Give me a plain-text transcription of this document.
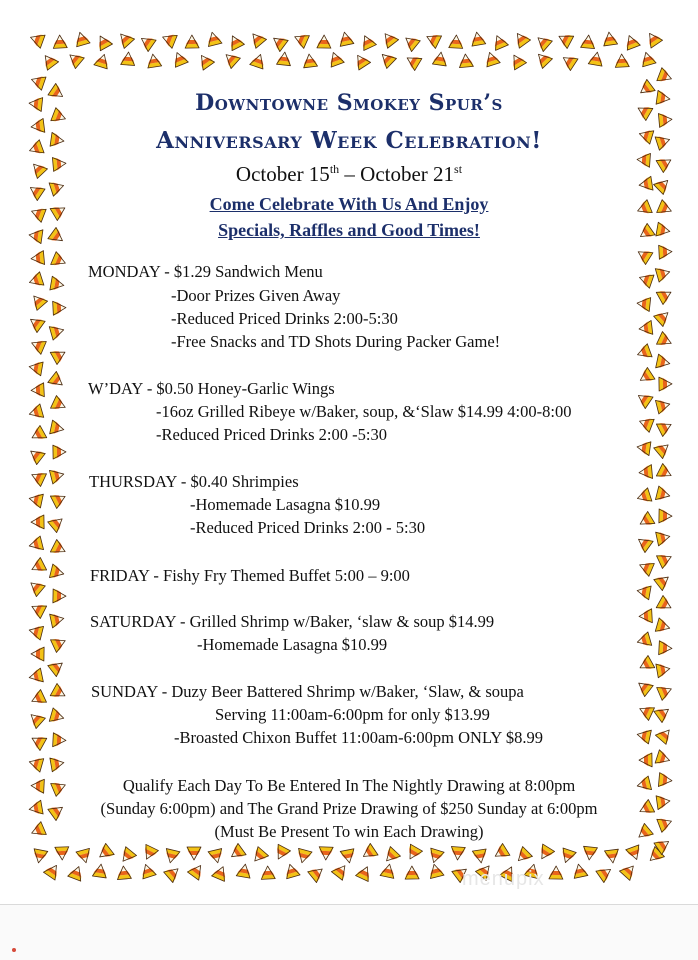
Downtowne Smokey Spur’s
Anniversary Week Celebration!
October 15th – October 21st
Come Celebrate With Us And Enjoy
Specials, Raffles and Good Times!
MONDAY - $1.29 Sandwich Menu
-Door Prizes Given Away
-Reduced Priced Drinks 2:00-5:30
-Free Snacks and TD Shots During Packer Game!
W’DAY - $0.50 Honey-Garlic Wings
-16oz Grilled Ribeye w/Baker, soup, &‘Slaw $14.99 4:00-8:00
-Reduced Priced Drinks 2:00 -5:30
THURSDAY - $0.40 Shrimpies
-Homemade Lasagna $10.99
-Reduced Priced Drinks 2:00 - 5:30
FRIDAY - Fishy Fry Themed Buffet 5:00 – 9:00
SATURDAY - Grilled Shrimp w/Baker, ‘slaw & soup $14.99
-Homemade Lasagna $10.99
SUNDAY - Duzy Beer Battered Shrimp w/Baker, ‘Slaw, & soupa
Serving 11:00am-6:00pm for only $13.99
-Broasted Chixon Buffet 11:00am-6:00pm ONLY $8.99
Qualify Each Day To Be Entered In The Nightly Drawing at 8:00pm
(Sunday 6:00pm) and The Grand Prize Drawing of $250 Sunday at 6:00pm
(Must Be Present To win Each Drawing)
menupix
